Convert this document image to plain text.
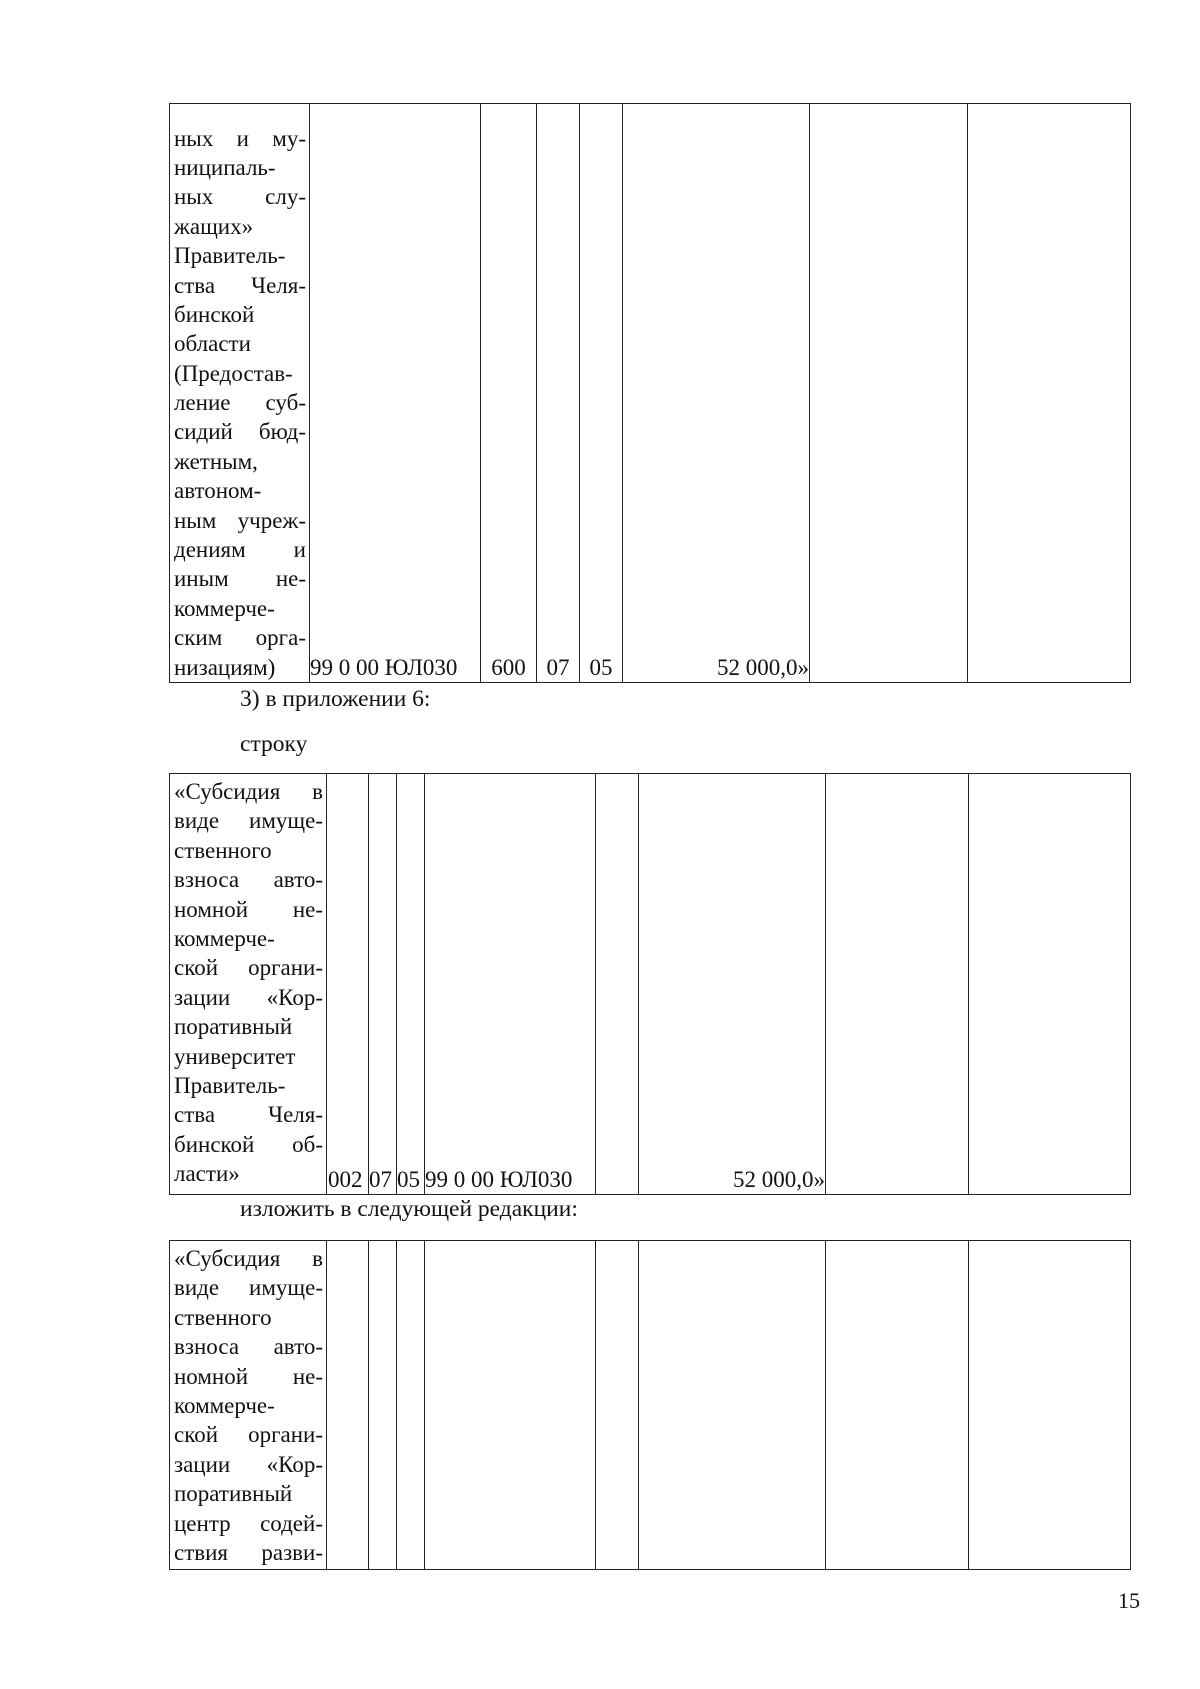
ных и му-
ниципаль-
ных слу-
жащих»
Правитель-
ства Челя-
бинской
области
(Предостав-
ление суб-
сидий бюд-
жетным,
автоном-
ным учреж-
дениям и
иным не-
коммерче-
ским орга-
низациям)	99 0 00 ЮЛ030	600	07	05	52 000,0»		
3) в приложении 6:
строку
«Субсидия в
виде имуще-
ственного
взноса авто-
номной не-
коммерче-
ской органи-
зации «Кор-
поративный
университет
Правитель-
ства Челя-
бинской об-
ласти»	002	07	05	99 0 00 ЮЛ030		52 000,0»		
изложить в следующей редакции:
«Субсидия в
виде имуще-
ственного
взноса авто-
номной не-
коммерче-
ской органи-
зации «Кор-
поративный
центр содей-
ствия разви-

15
